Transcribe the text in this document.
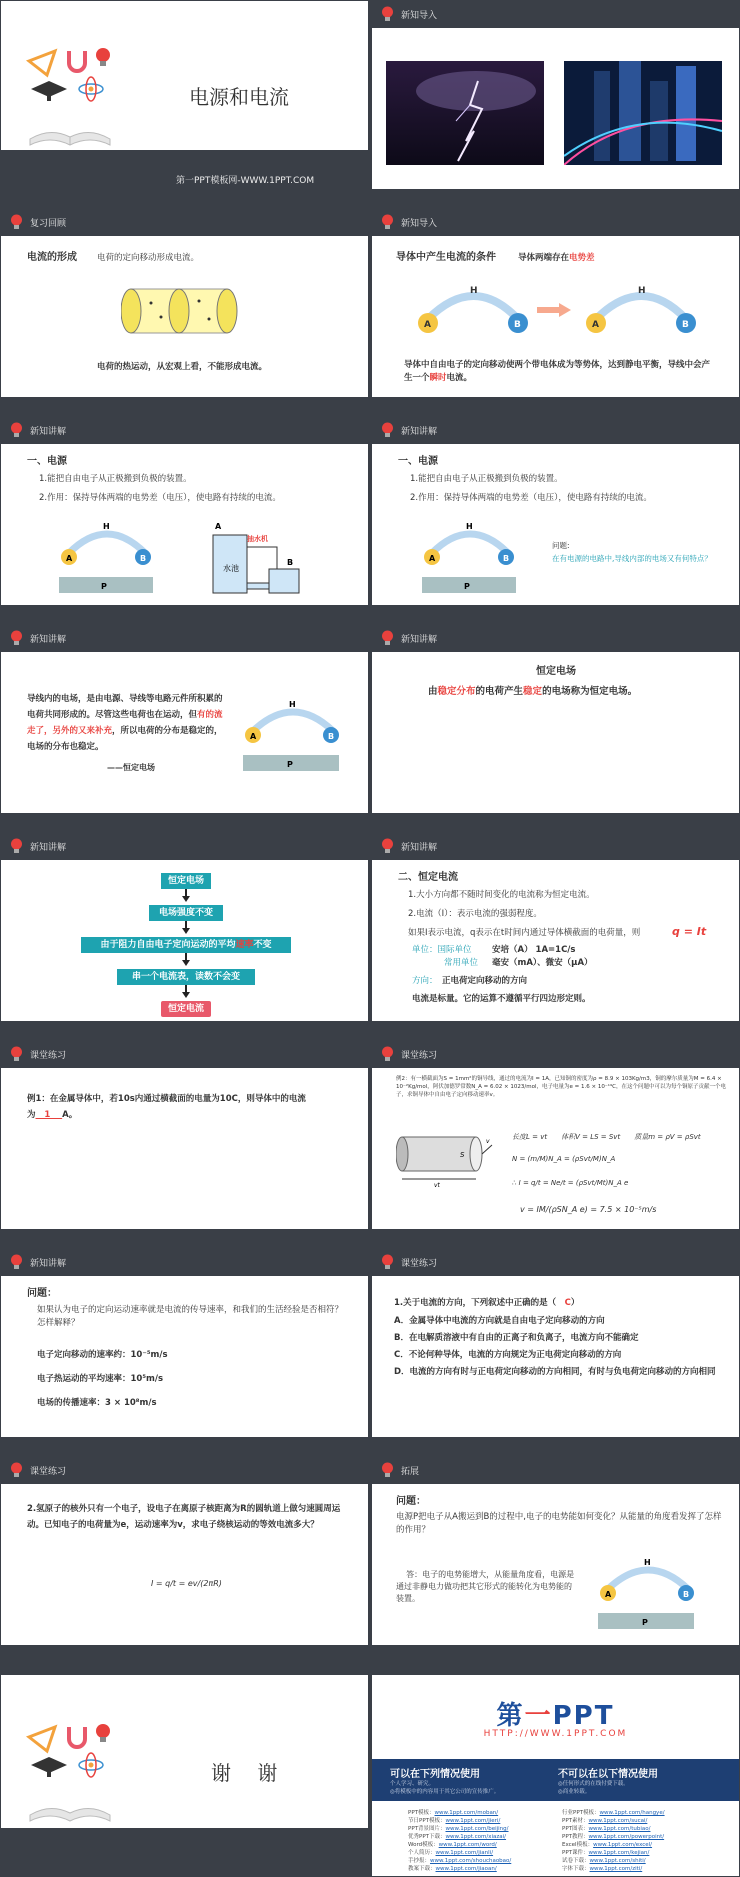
电源和电流
第一PPT模板网-WWW.1PPT.COM
新知导入
复习回顾
电流的形成 电荷的定向移动形成电流。
电荷的热运动，从宏观上看，不能形成电流。
新知导入
导体中产生电流的条件	导体两端存在电势差
A	B
H
A	B
H
导体中自由电子的定向移动使两个带电体成为等势体，达到静电平衡，导线中会产生一个瞬时电流。
新知讲解
一、电源
1.能把自由电子从正极搬到负极的装置。
2.作用：保持导体两端的电势差（电压），使电路有持续的电流。
A	B
H
P
A
B
抽水机
水池
新知讲解
一、电源
1.能把自由电子从正极搬到负极的装置。
2.作用：保持导体两端的电势差（电压），使电路有持续的电流。
A	B
H
P
问题:
在有电源的电路中,导线内部的电场又有何特点？
新知讲解
导线内的电场，是由电源、导线等电路元件所积累的电荷共同形成的。尽管这些电荷也在运动，但有的流走了，另外的又来补充，所以电荷的分布是稳定的，电场的分布也稳定。
——恒定电场
A	B
H
P
新知讲解
恒定电场
由稳定分布的电荷产生稳定的电场称为恒定电场。
新知讲解
恒定电场
电场强度不变
由于阻力自由电子定向运动的平均速率不变
串一个电流表，读数不会变
恒定电流
新知讲解
二、恒定电流
1.大小方向都不随时间变化的电流称为恒定电流。
2.电流（I）：表示电流的强弱程度。
如果I表示电流，q表示在t时间内通过导体横截面的电荷量，则	q = It
单位：国际单位 安培（A） 1A=1C/s
常用单位 毫安（mA）、微安（μA）
方向： 正电荷定向移动的方向
电流是标量。它的运算不遵循平行四边形定则。
课堂练习
例1：在金属导体中，若10s内通过横截面的电量为10C，则导体中的电流为   1    A。
课堂练习
例2：有一横截面为S = 1mm²的铜导线，通过的电流为I = 1A，已知铜的密度为ρ = 8.9 × 103Kg/m3，铜的摩尔质量为M = 6.4 × 10⁻²Kg/mol，阿伏加德罗常数N_A = 6.02 × 1023/mol，电子电量为e = 1.6 × 10⁻¹⁹C，在这个问题中可以为每个铜原子贡献一个电子，求铜导体中自由电子定向移动速率v。
S
v
vt
长度L = vt　　体积V = LS = Svt　　质量m = ρV = ρSvt
N = (m/M)N_A = (ρSvt/M)N_A
∴ I = q/t = Ne/t = (ρSvt/Mt)N_A e
v = IM/(ρSN_A e) = 7.5 × 10⁻⁵m/s
新知讲解
问题：
如果认为电子的定向运动速率就是电流的传导速率，和我们的生活经验是否相符？怎样解释？
电子定向移动的速率约：10⁻⁵m/s
电子热运动的平均速率：10⁵m/s
电场的传播速率：3 × 10⁸m/s
课堂练习
1.关于电流的方向，下列叙述中正确的是（　C）
A．金属导体中电流的方向就是自由电子定向移动的方向
B．在电解质溶液中有自由的正离子和负离子，电流方向不能确定
C．不论何种导体，电流的方向规定为正电荷定向移动的方向
D．电流的方向有时与正电荷定向移动的方向相同，有时与负电荷定向移动的方向相同
课堂练习
2.氢原子的核外只有一个电子，设电子在离原子核距离为R的圆轨道上做匀速圆周运动。已知电子的电荷量为e，运动速率为v，求电子绕核运动的等效电流多大？
I = q/t = ev/(2πR)
拓展
问题：
电源P把电子从A搬运到B的过程中,电子的电势能如何变化？从能量的角度看发挥了怎样的作用？
答：电子的电势能增大，从能量角度看，电源是通过非静电力做功把其它形式的能转化为电势能的装置。	A	B
H
P
谢 谢
第一PPT
HTTP://WWW.1PPT.COM
可以在下列情况使用
个人学习、研究。
◎将模板中的内容用于其它公司的宣传推广。
不可以在以下情况使用
◎任何形式的在线付费下载。
◎商业转载。
PPT模板：www.1ppt.com/moban/
节日PPT模板：www.1ppt.com/jieri/
PPT背景图片：www.1ppt.com/beijing/
优秀PPT下载：www.1ppt.com/xiazai/
Word模板：www.1ppt.com/word/
个人简历：www.1ppt.com/jianli/
手抄报：www.1ppt.com/shouchaobao/
教案下载：www.1ppt.com/jiaoan/
行业PPT模板：www.1ppt.com/hangye/
PPT素材：www.1ppt.com/sucai/
PPT图表：www.1ppt.com/tubiao/
PPT教程：www.1ppt.com/powerpoint/
Excel模板：www.1ppt.com/excel/
PPT课件：www.1ppt.com/kejian/
试卷下载：www.1ppt.com/shiti/
字体下载：www.1ppt.com/ziti/
